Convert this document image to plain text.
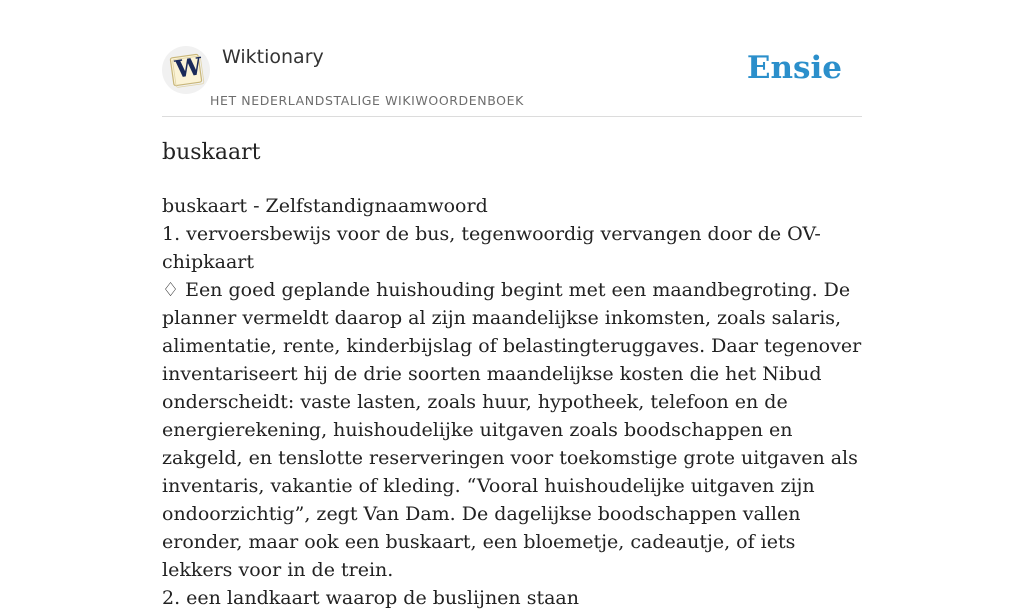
W Wiktionary
HET NEDERLANDSTALIGE WIKIWOORDENBOEK
Ensie
buskaart

buskaart - Zelfstandignaamwoord

1. vervoersbewijs voor de bus, tegenwoordig vervangen door de OV-chipkaart

♢ Een goed geplande huishouding begint met een maandbegroting. De planner vermeldt daarop al zijn maandelijkse inkomsten, zoals salaris, alimentatie, rente, kinderbijslag of belastingteruggaves. Daar tegenover inventariseert hij de drie soorten maandelijkse kosten die het Nibud onderscheidt: vaste lasten, zoals huur, hypotheek, telefoon en de energierekening, huishoudelijke uitgaven zoals boodschappen en zakgeld, en tenslotte reserveringen voor toekomstige grote uitgaven als inventaris, vakantie of kleding. “Vooral huishoudelijke uitgaven zijn ondoorzichtig”, zegt Van Dam. De dagelijkse boodschappen vallen eronder, maar ook een buskaart, een bloemetje, cadeautje, of iets lekkers voor in de trein.

2. een landkaart waarop de buslijnen staan
